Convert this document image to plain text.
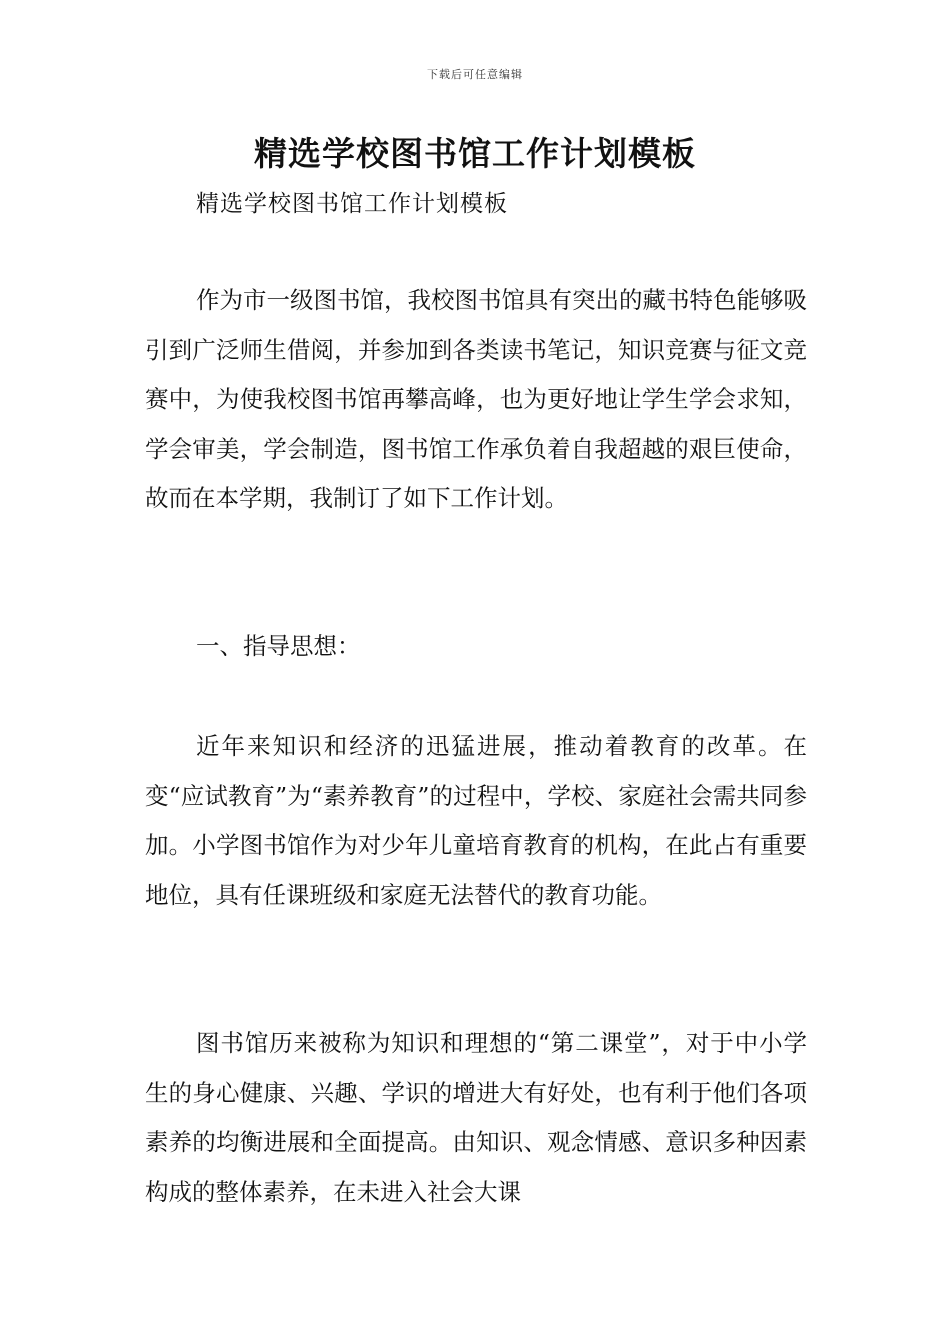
下载后可任意编辑
精选学校图书馆工作计划模板
精选学校图书馆工作计划模板

作为市一级图书馆，我校图书馆具有突出的藏书特色能够吸引到广泛师生借阅，并参加到各类读书笔记，知识竞赛与征文竞赛中，为使我校图书馆再攀高峰，也为更好地让学生学会求知，学会审美，学会制造，图书馆工作承负着自我超越的艰巨使命，故而在本学期，我制订了如下工作计划。

一、指导思想：

近年来知识和经济的迅猛进展，推动着教育的改革。在变“应试教育”为“素养教育”的过程中，学校、家庭社会需共同参加。小学图书馆作为对少年儿童培育教育的机构，在此占有重要地位，具有任课班级和家庭无法替代的教育功能。

图书馆历来被称为知识和理想的“第二课堂”，对于中小学生的身心健康、兴趣、学识的增进大有好处，也有利于他们各项素养的均衡进展和全面提高。由知识、观念情感、意识多种因素构成的整体素养，在未进入社会大课
